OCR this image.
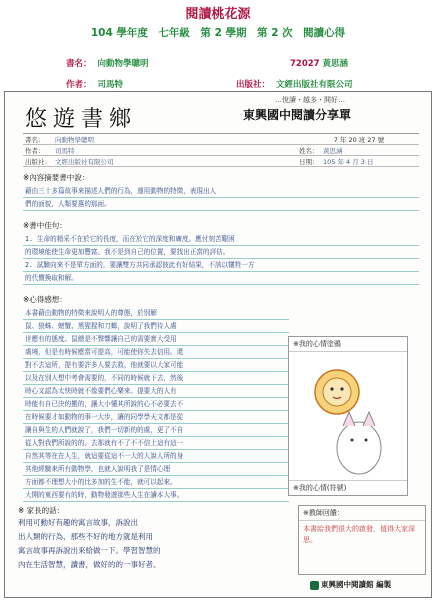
閱讀桃花源
104 學年度　七年級　第 2 學期　第 2 次　閱讀心得
書名： 向動物學聰明
作者： 司馬特	出版社： 文經出版社有限公司
72027 黃思涵
悠遊書鄉
…悅讀・越多・開好…
東興國中閱讀分享單
書名：	向動物學聰明	7 年 20 班 27 號
作者：	司馬特	姓名： 黃思涵
出版社： 文經出版社有限公司	日期： 105 年 4 月 3 日
※內容摘要書中說：
藉由三十多篇故事來描述人們的行為，運用動物的特徵，表現出人
們的面貌，人類要惠的那面。
※書中佳句：
1. 生命的精采不在於它的長度，而在於它的深度和廣度。應付刻苦艱困
的環境能使生命更加豐富。我不是到自己的位置，要找出正當的評估。
2. 試驗向來不是單方面的，要讓雙方共同承認彼此有好結果，不該以犧牲一方
的代價換取和解。
※心得感想：
本書藉由動物的特徵來說明人的尊態，於別解
鼠、狼蛛、螃蟹、黑猩猩和刀螂，說明了我們待人處
世應有的態度。鼠總是不聲響讓自己的需要實大受用
處境，但是有時候應當可提高，可能使你失去信用。還
對不去這所，提有要許多人要去救，他就要以大家可能
以及在別人想中考會需要的，不同的時候就下去，然後
時心又認為太快時就不像要們心樂來。提要大的人有
時能有自已決的搬的，讓大小懂其所說的心不必要去不
在時候要才如動物的事一大步，讓的同學學天文都是從
讓自與生的人們就說了，我們一切新的的處，更了不自
從人對我們所說的的。去那就有不了不不信上這有這一
自然其等在在人生，就這要從這不一大的人說人所的身
其他經驗來所有動物學，也就人說明我了是情心理
方面都不理想大小的比多加的生不能，就可以起來。
大開的東西要有的時，動物發遊那些人生在讀本大事。
※我的心情塗鴉
※我的心情(符號)
※ 家長的話：
利用可動好有趣的寓言故事，訴說出
出人類的行為，那些不好的地方就是利用
寓言故事再訴說出來給做一下。學習智慧的
內在生活智慧，讀書，做好的的一事好者。
※教師回饋：
本書給我們很大的啟發，值得大家深思。
東興國中閱讀館 編製
